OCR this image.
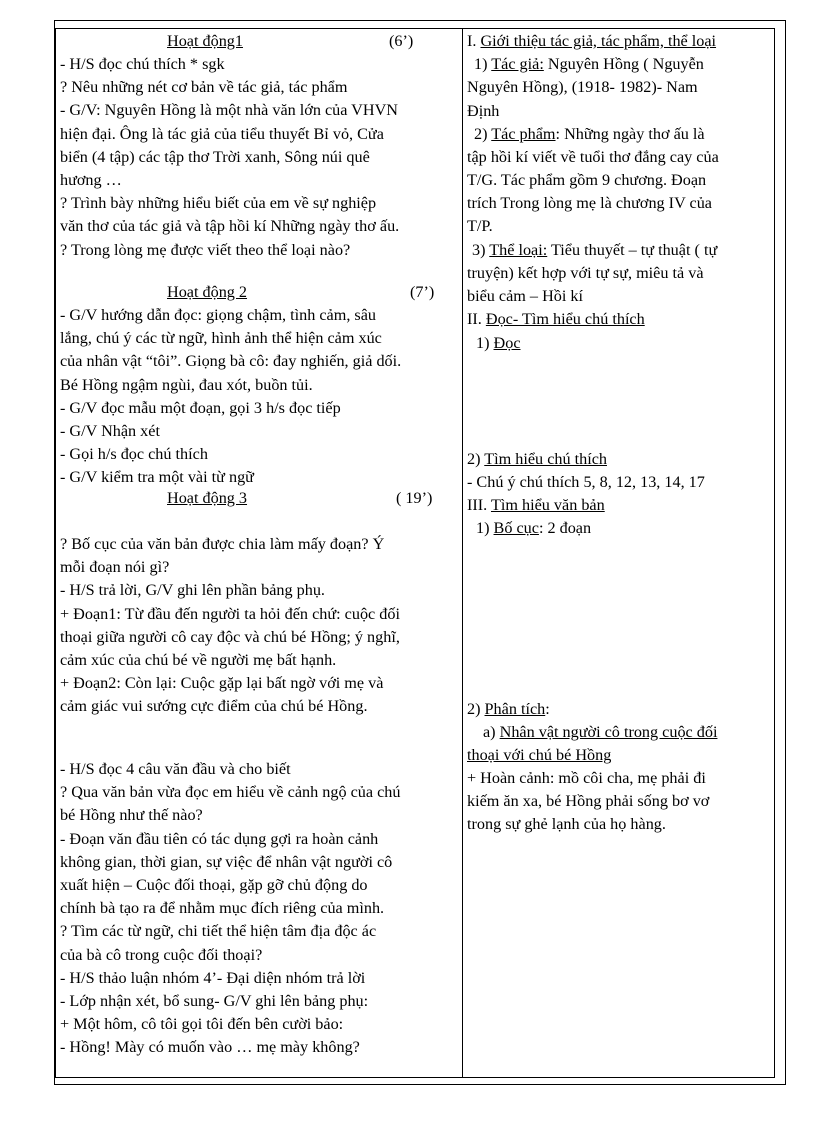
Hoạt động1	(6’)
- H/S đọc chú thích * sgk
? Nêu những nét cơ bản về tác giả, tác phẩm
- G/V: Nguyên Hồng là một nhà văn lớn của VHVN
hiện đại. Ông là tác giả của tiểu thuyết Bỉ vỏ, Cửa
biển (4 tập) các tập thơ Trời xanh, Sông núi quê
hương …
? Trình bày những hiểu biết của em về sự nghiệp
văn thơ của tác giả và tập hồi kí Những ngày thơ ấu.
? Trong lòng mẹ được viết theo thể loại nào?
Hoạt động 2	(7’)
- G/V hướng dẫn đọc: giọng chậm, tình cảm, sâu
lắng, chú ý các từ ngữ, hình ảnh thể hiện cảm xúc
của nhân vật “tôi”. Giọng bà cô: đay nghiến, giả dối.
Bé Hồng ngậm ngùi, đau xót, buồn tủi.
- G/V đọc mẫu một đoạn, gọi 3 h/s đọc tiếp
- G/V Nhận xét
- Gọi h/s đọc chú thích
- G/V kiểm tra một vài từ ngữ
Hoạt động 3	( 19’)
? Bố cục của văn bản được chia làm mấy đoạn? Ý
mỗi đoạn nói gì?
- H/S trả lời, G/V ghi lên phần bảng phụ.
+ Đoạn1: Từ đầu đến người ta hỏi đến chứ: cuộc đối
thoại giữa người cô cay độc và chú bé Hồng; ý nghĩ,
cảm xúc của chú bé về người mẹ bất hạnh.
+ Đoạn2: Còn lại: Cuộc gặp lại bất ngờ với mẹ và
cảm giác vui sướng cực điểm của chú bé Hồng.
- H/S đọc 4 câu văn đầu và cho biết
? Qua văn bản vừa đọc em hiểu về cảnh ngộ của chú
bé Hồng như thế nào?
- Đoạn văn đầu tiên có tác dụng gợi ra hoàn cảnh
không gian, thời gian, sự việc để nhân vật người cô
xuất hiện – Cuộc đối thoại, gặp gỡ chủ động do
chính bà tạo ra để nhằm mục đích riêng của mình.
? Tìm các từ ngữ, chi tiết thể hiện tâm địa độc ác
của bà cô trong cuộc đối thoại?
- H/S thảo luận nhóm 4’- Đại diện nhóm trả lời
- Lớp nhận xét, bổ sung- G/V ghi lên bảng phụ:
+ Một hôm, cô tôi gọi tôi đến bên cười bảo:
- Hồng! Mày có muốn vào … mẹ mày không?
I. Giới thiệu tác giả, tác phẩm, thể loại
1) Tác giả: Nguyên Hồng ( Nguyễn
Nguyên Hồng), (1918- 1982)- Nam
Định
2) Tác phẩm: Những ngày thơ ấu là
tập hồi kí viết về tuổi thơ đắng cay của
T/G. Tác phẩm gồm 9 chương. Đoạn
trích Trong lòng mẹ là chương IV của
T/P.
3) Thể loại: Tiểu thuyết – tự thuật ( tự
truyện) kết hợp với tự sự, miêu tả và
biểu cảm – Hồi kí
II. Đọc- Tìm hiểu chú thích
1) Đọc
2) Tìm hiểu chú thích
- Chú ý chú thích 5, 8, 12, 13, 14, 17
III. Tìm hiểu văn bản
1) Bố cục: 2 đoạn
2) Phân tích:
a) Nhân vật người cô trong cuộc đối
thoại với chú bé Hồng
+ Hoàn cảnh: mồ côi cha, mẹ phải đi
kiếm ăn xa, bé Hồng phải sống bơ vơ
trong sự ghẻ lạnh của họ hàng.
